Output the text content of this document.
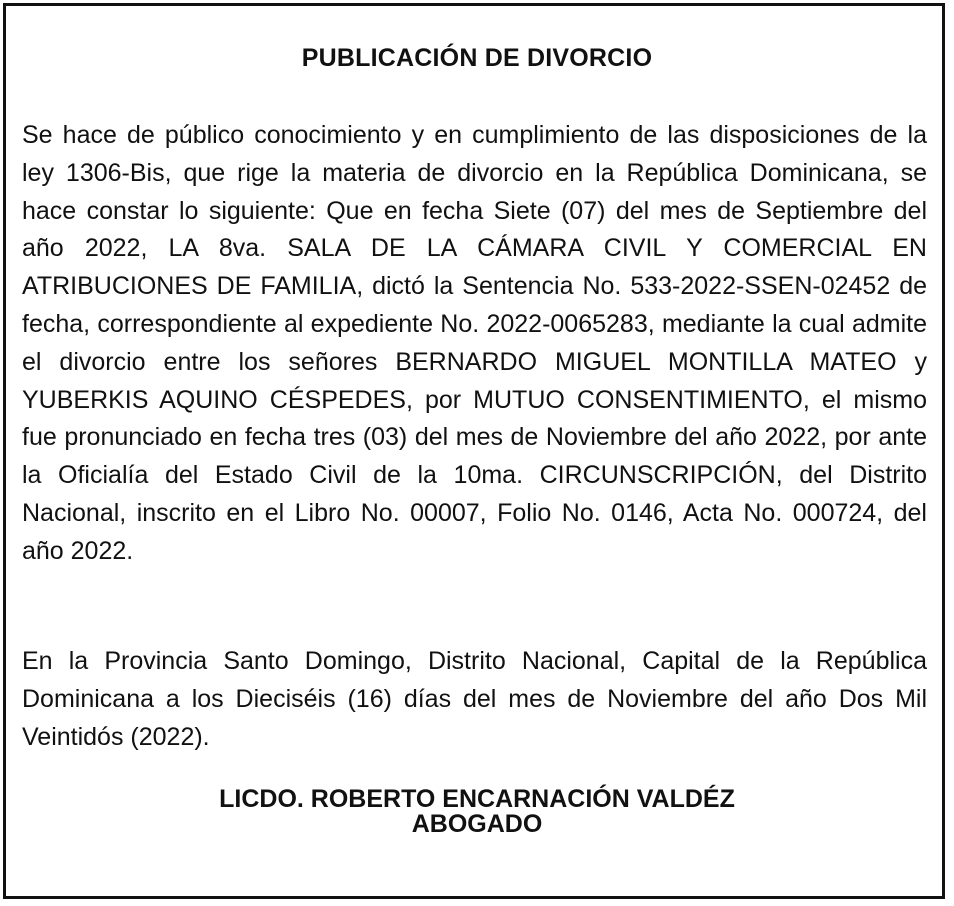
PUBLICACIÓN DE DIVORCIO

Se hace de público conocimiento y en cumplimiento de las disposiciones de la ley 1306-Bis, que rige la materia de divorcio en la República Dominicana, se hace constar lo siguiente: Que en fecha Siete (07) del mes de Septiembre del año 2022, LA 8va. SALA DE LA CÁMARA CIVIL Y COMERCIAL EN ATRIBUCIONES DE FAMILIA, dictó la Sentencia No. 533-2022-SSEN-02452 de fecha, correspondiente al expediente No. 2022-0065283, mediante la cual admite el divorcio entre los señores BERNARDO MIGUEL MONTILLA MATEO y YUBERKIS AQUINO CÉSPEDES, por MUTUO CONSENTIMIENTO, el mismo fue pronunciado en fecha tres (03) del mes de Noviembre del año 2022, por ante la Oficialía del Estado Civil de la 10ma. CIRCUNSCRIPCIÓN, del Distrito Nacional, inscrito en el Libro No. 00007, Folio No. 0146, Acta No. 000724, del año 2022.

En la Provincia Santo Domingo, Distrito Nacional, Capital de la República Dominicana a los Dieciséis (16) días del mes de Noviembre del año Dos Mil Veintidós (2022).

LICDO. ROBERTO ENCARNACIÓN VALDÉZ
ABOGADO
